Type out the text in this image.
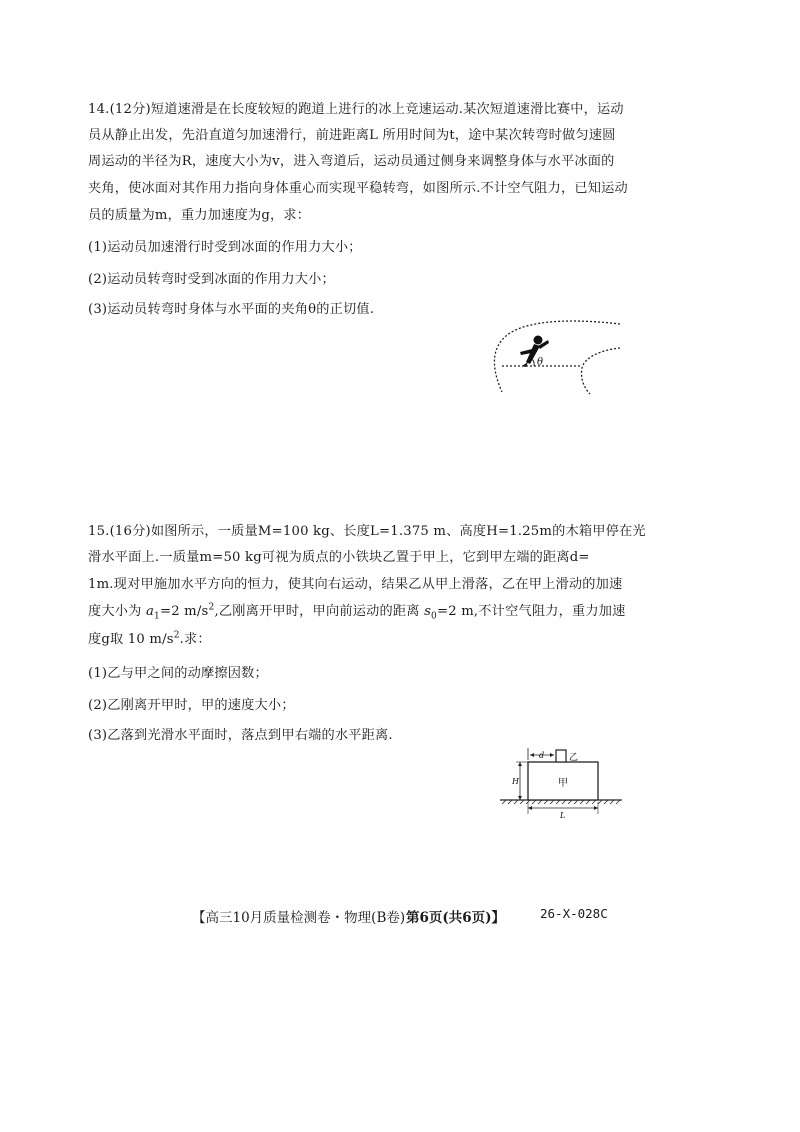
14.(12分)短道速滑是在长度较短的跑道上进行的冰上竞速运动.某次短道速滑比赛中，运动
员从静止出发，先沿直道匀加速滑行，前进距离L 所用时间为t，途中某次转弯时做匀速圆
周运动的半径为R，速度大小为v，进入弯道后，运动员通过侧身来调整身体与水平冰面的
夹角，使冰面对其作用力指向身体重心而实现平稳转弯，如图所示.不计空气阻力，已知运动
员的质量为m，重力加速度为g，求：
(1)运动员加速滑行时受到冰面的作用力大小；
(2)运动员转弯时受到冰面的作用力大小；
(3)运动员转弯时身体与水平面的夹角θ的正切值.
θ
15.(16分)如图所示，一质量M=100 kg、长度L=1.375 m、高度H=1.25m的木箱甲停在光
滑水平面上.一质量m=50 kg可视为质点的小铁块乙置于甲上，它到甲左端的距离d=
1m.现对甲施加水平方向的恒力，使其向右运动，结果乙从甲上滑落，乙在甲上滑动的加速
度大小为 $a_1=2$ $m/s^2$,乙刚离开甲时，甲向前运动的距离 $s_0=2$ m,不计空气阻力，重力加速
度g取 10 $m/s^2$.求：
(1)乙与甲之间的动摩擦因数；
(2)乙刚离开甲时，甲的速度大小；
(3)乙落到光滑水平面时，落点到甲右端的水平距离.
甲
乙
d
H
L
【高三10月质量检测卷・物理(B卷) 第6页(共6页)】	26-X-028C
